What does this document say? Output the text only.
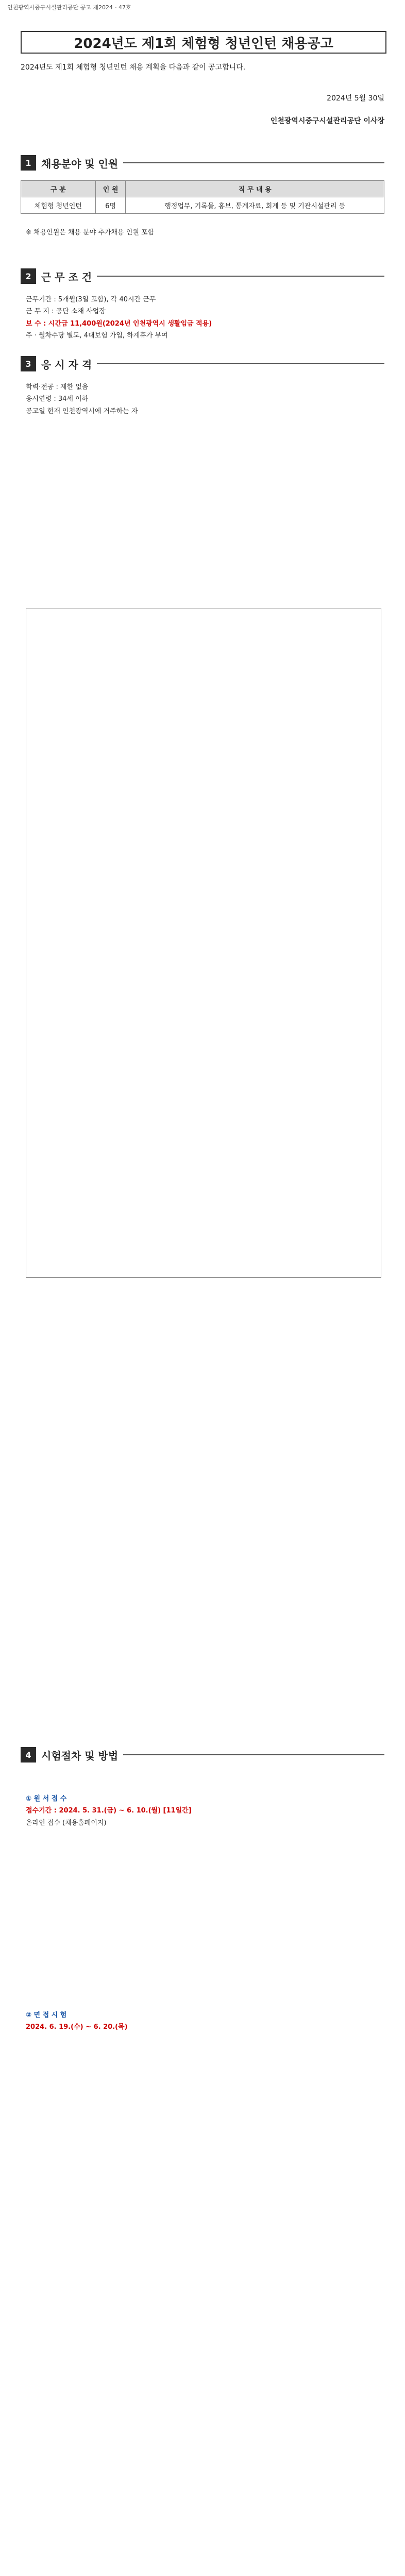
인천광역시중구시설관리공단 공고 제2024 - 47호
2024년도 제1회 체험형 청년인턴 채용공고
2024년도 제1회 체험형 청년인턴 채용 계획을 다음과 같이 공고합니다.
2024년 5월 30일
인천광역시중구시설관리공단 이사장
1 채용분야 및 인원
구 분	인 원	직 무 내 용
체험형 청년인턴	6명	행정업무, 기록물, 홍보, 통계자료, 회계 등 및 기관시설관리 등
※ 채용인원은 채용 분야 추가채용 인원 포함
2 근 무 조 건
근무기간 : 5개월(3일 포함), 각 40시간 근무
근 무 지 : 공단 소재 사업장
보 수 : 시간급 11,400원(2024년 인천광역시 생활임금 적용)
주 · 월차수당 별도, 4대보험 가입, 하계휴가 부여
3 응 시 자 격
학력·전공 : 제한 없음
응시연령 : 34세 이하
공고일 현재 인천광역시에 거주하는 자
4 시험절차 및 방법
① 원 서 접 수
접수기간 : 2024. 5. 31.(금) ~ 6. 10.(월) [11일간]
온라인 접수 (채용홈페이지)
② 면 접 시 험
2024. 6. 19.(수) ~ 6. 20.(목)
